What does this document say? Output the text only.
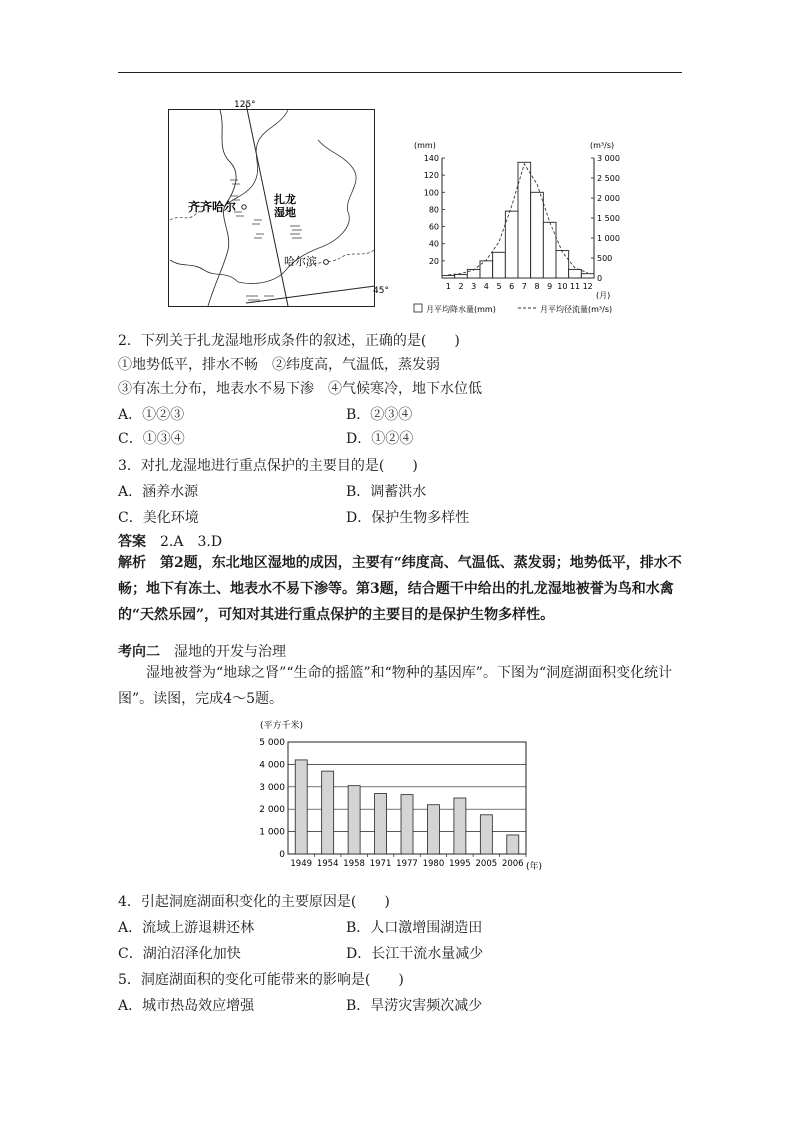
125°
45°
齐齐哈尔
扎龙
湿地
哈尔滨
(mm)	(m³/s)
140
120
100
80
60
40
20
3 000
2 500
2 000
1 500
1 000
500
0
1 2 3 4 5 6 7 8 9 10 11 12
(月)
月平均降水量(mm)	月平均径流量(m³/s)
2．下列关于扎龙湿地形成条件的叙述，正确的是(　　)
①地势低平，排水不畅　②纬度高，气温低，蒸发弱
③有冻土分布，地表水不易下渗　④气候寒冷，地下水位低
A．①②③	B．②③④
C．①③④	D．①②④
3．对扎龙湿地进行重点保护的主要目的是(　　)
A．涵养水源	B．调蓄洪水
C．美化环境	D．保护生物多样性
答案　 2.A　3.D
解析　 第2题，东北地区湿地的成因，主要有“纬度高、气温低、蒸发弱；地势低平，排水不畅；地下有冻土、地表水不易下渗等。第3题，结合题干中给出的扎龙湿地被誉为鸟和水禽的“天然乐园”，可知对其进行重点保护的主要目的是保护生物多样性。
考向二　 湿地的开发与治理
湿地被誉为“地球之肾”“生命的摇篮”和“物种的基因库”。下图为“洞庭湖面积变化统计图”。读图，完成4～5题。
(平方千米)
5 000
4 000
3 000
2 000
1 000
0
1949 1954 1958 1971 1977 1980 1995 2005 2006 (年)
4．引起洞庭湖面积变化的主要原因是(　　)
A．流域上游退耕还林	B．人口激增围湖造田
C．湖泊沼泽化加快	D．长江干流水量减少
5．洞庭湖面积的变化可能带来的影响是(　　)
A．城市热岛效应增强	B．旱涝灾害频次减少
